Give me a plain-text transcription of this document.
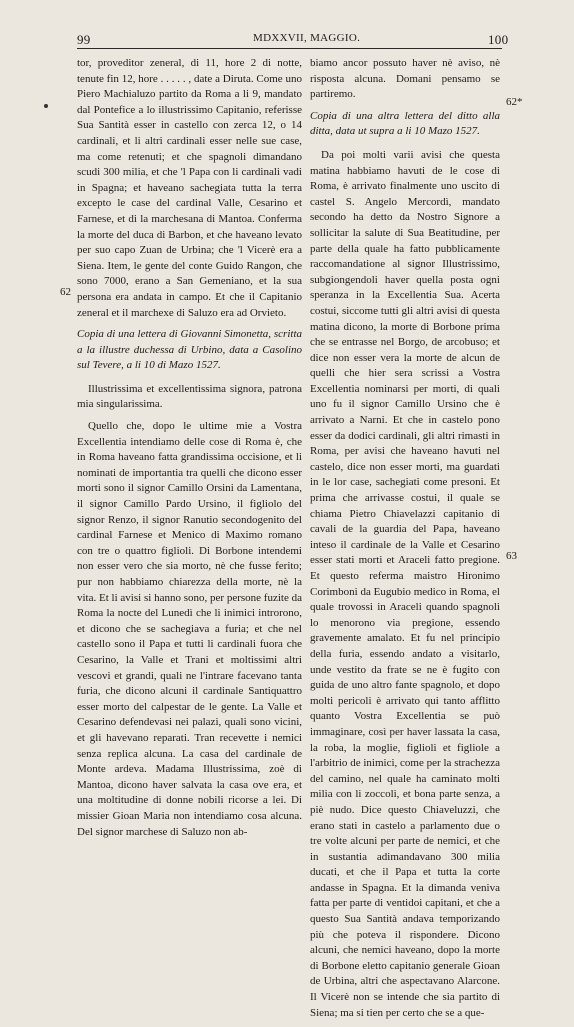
99	MDXXVII, MAGGIO.	100
62
62*
63

tor, proveditor zeneral, di 11, hore 2 di notte, tenute fin 12, hore . . . . . , date a Diruta. Come uno Piero Machialuzo partito da Roma a li 9, mandato dal Pontefice a lo illustrissimo Capitanio, referisse Sua Santità esser in castello con zerca 12, o 14 cardinali, et li altri cardinali esser nelle sue case, ma come retenuti; et che spagnoli dimandano scudi 300 milia, et che 'l Papa con li cardinali vadi in Spagna; et haveano sachegiata tutta la terra excepto le case del cardinal Valle, Cesarino et Farnese, et di la marchesana di Mantoa. Conferma la morte del duca di Barbon, et che haveano levato per suo capo Zuan de Urbina; che 'l Vicerè era a Siena. Item, le gente del conte Guido Rangon, che sono 7000, erano a San Gemeniano, et la sua persona era andata in campo. Et che il Capitanio zeneral et il marchexe di Saluzo era ad Orvieto.

Copia di una lettera di Giovanni Simonetta, scritta a la illustre duchessa di Urbino, data a Casolino sul Tevere, a li 10 di Mazo 1527.

Illustrissima et excellentissima signora, patrona mia singularissima.

Quello che, dopo le ultime mie a Vostra Excellentia intendiamo delle cose di Roma è, che in Roma haveano fatta grandissima occisione, et li nominati de importantia tra quelli che dicono esser morti sono il signor Camillo Orsini da Lamentana, il signor Camillo Pardo Ursino, il figliolo del signor Renzo, il signor Ranutio secondogenito del cardinal Farnese et Menico di Maximo romano con tre o quattro figlioli. Di Borbone intendemi non esser vero che sia morto, nè che fusse ferito; pur non habbiamo chiarezza della morte, nè la vita. Et li avisi si hanno sono, per persone fuzite da Roma la nocte del Lunedì che li inimici introrono, et dicono che se sachegiava a furia; et che nel castello sono il Papa et tutti li cardinali fuora che Cesarino, la Valle et Trani et moltissimi altri vescovi et grandi, quali ne l'intrare facevano tanta furia, che dicono alcuni il cardinale Santiquattro esser morto del calpestar de le gente. La Valle et Cesarino defendevasi nei palazi, quali sono vicini, et gli havevano reparati. Tran recevette i nemici senza replica alcuna. La casa del cardinale de Monte ardeva. Madama Illustrissima, zoè di Mantoa, dicono haver salvata la casa ove era, et una moltitudine di donne nobili ricorse a lei. Di missier Gioan Maria non intendiamo cosa alcuna. Del signor marchese di Saluzo non ab-

biamo ancor possuto haver nè aviso, nè risposta alcuna. Domani pensamo se partiremo.

Copia di una altra lettera del ditto alla ditta, data ut supra a li 10 Mazo 1527.

Da poi molti varii avisi che questa matina habbiamo havuti de le cose di Roma, è arrivato finalmente uno uscito di castel S. Angelo Mercordì, mandato secondo ha detto da Nostro Signore a sollicitar la salute di Sua Beatitudine, per parte della quale ha fatto pubblicamente raccomandatione al signor Illustrissimo, subgiongendoli haver quella posta ogni speranza in la Excellentia Sua. Acerta costui, siccome tutti gli altri avisi di questa matina dicono, la morte di Borbone prima che se entrasse nel Borgo, de arcobuso; et dice non esser vera la morte de alcun de quelli che hier sera scrissi a Vostra Excellentia nominarsi per morti, di quali uno fu il signor Camillo Ursino che è arrivato a Narni. Et che in castelo pono esser da dodici cardinali, gli altri rimasti in Roma, per avisi che haveano havuti nel castelo, dice non esser morti, ma guardati in le lor case, sachegiati come presoni. Et prima che arrivasse costui, il quale se chiama Pietro Chiavelazzi capitanio di cavali de la guardia del Papa, haveano inteso il cardinale de la Valle et Cesarino esser stati morti et Araceli fatto pregione. Et questo referma maistro Hironimo Corimboni da Eugubio medico in Roma, el quale trovossi in Araceli quando spagnoli lo menorono via pregione, essendo gravemente amalato. Et fu nel principio della furia, essendo andato a visitarlo, unde vestito da frate se ne è fugito con guida de uno altro fante spagnolo, et dopo molti pericoli è arrivato qui tanto afflitto quanto Vostra Excellentia se può immaginare, così per haver lassata la casa, la roba, la moglie, figlioli et figliole a l'arbitrio de inimici, come per la strachezza del camino, nel quale ha caminato molti milia con li zoccoli, et bona parte senza, a piè nudo. Dice questo Chiaveluzzi, che erano stati in castelo a parlamento due o tre volte alcuni per parte de nemici, et che in sustantia adimandavano 300 milia ducati, et che il Papa et tutta la corte andasse in Spagna. Et la dimanda veniva fatta per parte di ventidoi capitani, et che a questo Sua Santità andava temporizando più che poteva il rispondere. Dicono alcuni, che nemici haveano, dopo la morte di Borbone eletto capitanio generale Gioan de Urbina, altri che aspectavano Alarcone. Il Vicerè non se intende che sia partito di Siena; ma si tien per certo che se a que-
